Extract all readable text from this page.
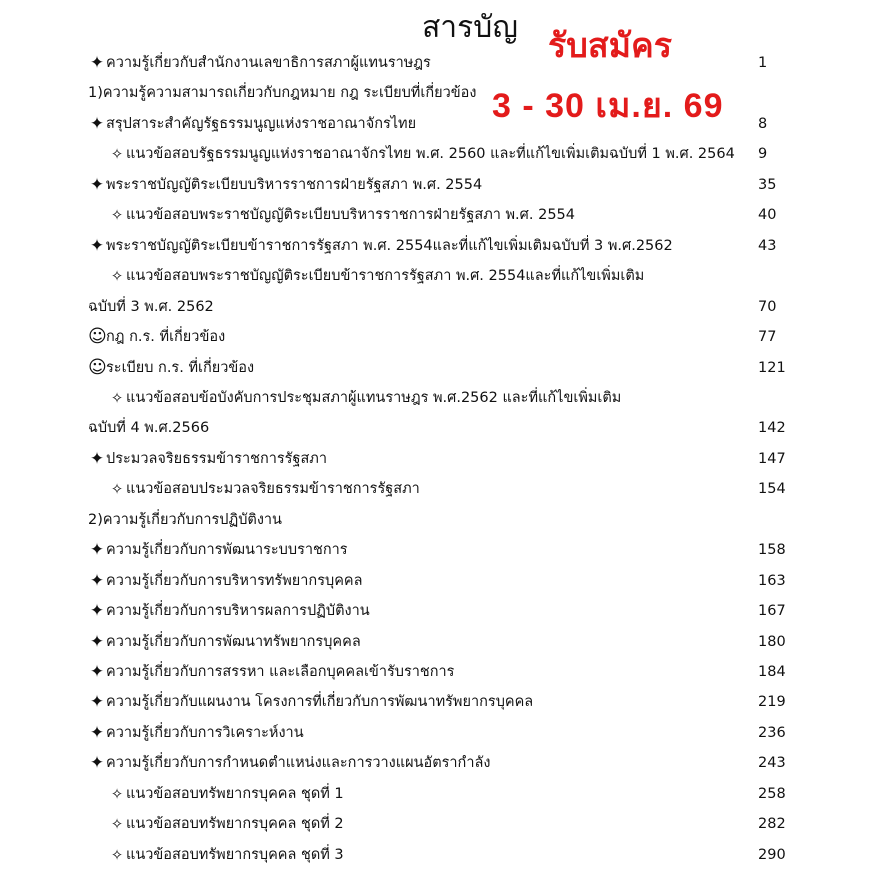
สารบัญ รับสมัคร
3 - 30 เม.ย. 69
✦ ความรู้เกี่ยวกับสำนักงานเลขาธิการสภาผู้แทนราษฎร	1
1)ความรู้ความสามารถเกี่ยวกับกฎหมาย กฎ ระเบียบที่เกี่ยวข้อง
✦ สรุปสาระสำคัญรัฐธรรมนูญแห่งราชอาณาจักรไทย	8
✧ แนวข้อสอบรัฐธรรมนูญแห่งราชอาณาจักรไทย พ.ศ. 2560 และที่แก้ไขเพิ่มเติมฉบับที่ 1 พ.ศ. 2564 9
✦ พระราชบัญญัติระเบียบบริหารราชการฝ่ายรัฐสภา พ.ศ. 2554	35
✧ แนวข้อสอบพระราชบัญญัติระเบียบบริหารราชการฝ่ายรัฐสภา พ.ศ. 2554	40
✦ พระราชบัญญัติระเบียบข้าราชการรัฐสภา พ.ศ. 2554และที่แก้ไขเพิ่มเติมฉบับที่ 3 พ.ศ.2562	43
✧ แนวข้อสอบพระราชบัญญัติระเบียบข้าราชการรัฐสภา พ.ศ. 2554และที่แก้ไขเพิ่มเติม
ฉบับที่ 3 พ.ศ. 2562	70
☺ กฎ ก.ร. ที่เกี่ยวข้อง	77
☺ ระเบียบ ก.ร. ที่เกี่ยวข้อง	121
✧ แนวข้อสอบข้อบังคับการประชุมสภาผู้แทนราษฎร พ.ศ.2562 และที่แก้ไขเพิ่มเติม
ฉบับที่ 4 พ.ศ.2566	142
✦ ประมวลจริยธรรมข้าราชการรัฐสภา	147
✧ แนวข้อสอบประมวลจริยธรรมข้าราชการรัฐสภา	154
2)ความรู้เกี่ยวกับการปฏิบัติงาน
✦ ความรู้เกี่ยวกับการพัฒนาระบบราชการ	158
✦ ความรู้เกี่ยวกับการบริหารทรัพยากรบุคคล	163
✦ ความรู้เกี่ยวกับการบริหารผลการปฏิบัติงาน	167
✦ ความรู้เกี่ยวกับการพัฒนาทรัพยากรบุคคล	180
✦ ความรู้เกี่ยวกับการสรรหา และเลือกบุคคลเข้ารับราชการ	184
✦ ความรู้เกี่ยวกับแผนงาน โครงการที่เกี่ยวกับการพัฒนาทรัพยากรบุคคล	219
✦ ความรู้เกี่ยวกับการวิเคราะห์งาน	236
✦ ความรู้เกี่ยวกับการกำหนดตำแหน่งและการวางแผนอัตรากำลัง	243
✧ แนวข้อสอบทรัพยากรบุคคล ชุดที่ 1	258
✧ แนวข้อสอบทรัพยากรบุคคล ชุดที่ 2	282
✧ แนวข้อสอบทรัพยากรบุคคล ชุดที่ 3	290
